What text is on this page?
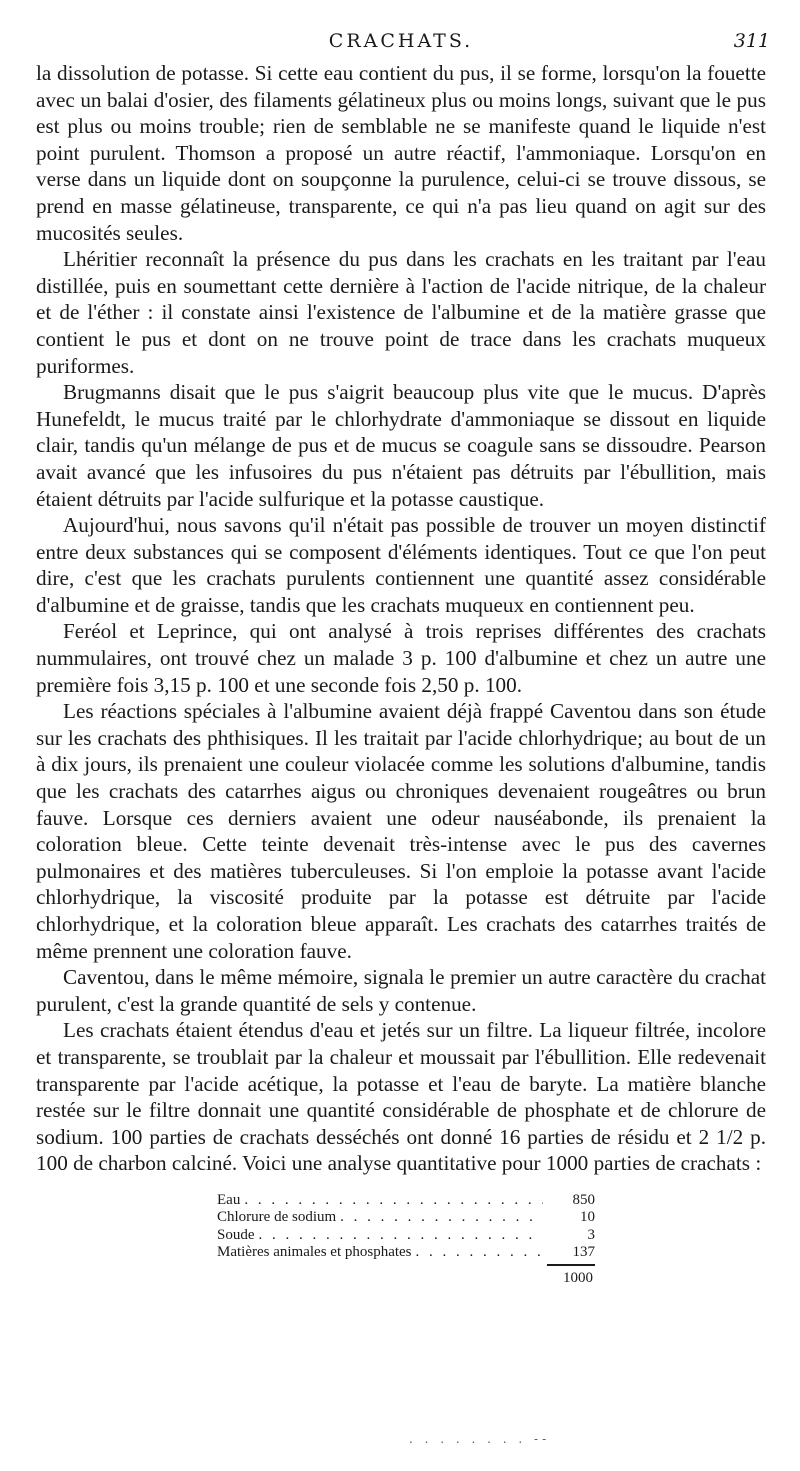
CRACHATS.	311

la dissolution de potasse. Si cette eau contient du pus, il se forme, lorsqu'on la fouette avec un balai d'osier, des filaments gélatineux plus ou moins longs, suivant que le pus est plus ou moins trouble; rien de semblable ne se manifeste quand le liquide n'est point purulent. Thomson a proposé un autre réactif, l'ammoniaque. Lorsqu'on en verse dans un liquide dont on soupçonne la purulence, celui-ci se trouve dissous, se prend en masse gélatineuse, transparente, ce qui n'a pas lieu quand on agit sur des mucosités seules.

Lhéritier reconnaît la présence du pus dans les crachats en les traitant par l'eau distillée, puis en soumettant cette dernière à l'action de l'acide nitrique, de la chaleur et de l'éther : il constate ainsi l'existence de l'albumine et de la matière grasse que contient le pus et dont on ne trouve point de trace dans les crachats muqueux puriformes.

Brugmanns disait que le pus s'aigrit beaucoup plus vite que le mucus. D'après Hunefeldt, le mucus traité par le chlorhydrate d'ammoniaque se dissout en liquide clair, tandis qu'un mélange de pus et de mucus se coagule sans se dissoudre. Pearson avait avancé que les infusoires du pus n'étaient pas détruits par l'ébullition, mais étaient détruits par l'acide sulfurique et la potasse caustique.

Aujourd'hui, nous savons qu'il n'était pas possible de trouver un moyen distinctif entre deux substances qui se composent d'éléments identiques. Tout ce que l'on peut dire, c'est que les crachats purulents contiennent une quantité assez considérable d'albumine et de graisse, tandis que les crachats muqueux en contiennent peu.

Feréol et Leprince, qui ont analysé à trois reprises différentes des crachats nummulaires, ont trouvé chez un malade 3 p. 100 d'albumine et chez un autre une première fois 3,15 p. 100 et une seconde fois 2,50 p. 100.

Les réactions spéciales à l'albumine avaient déjà frappé Caventou dans son étude sur les crachats des phthisiques. Il les traitait par l'acide chlorhydrique; au bout de un à dix jours, ils prenaient une couleur violacée comme les solutions d'albumine, tandis que les crachats des catarrhes aigus ou chroniques devenaient rougeâtres ou brun fauve. Lorsque ces derniers avaient une odeur nauséabonde, ils prenaient la coloration bleue. Cette teinte devenait très-intense avec le pus des cavernes pulmonaires et des matières tuberculeuses. Si l'on emploie la potasse avant l'acide chlorhydrique, la viscosité produite par la potasse est détruite par l'acide chlorhydrique, et la coloration bleue apparaît. Les crachats des catarrhes traités de même prennent une coloration fauve.

Caventou, dans le même mémoire, signala le premier un autre caractère du crachat purulent, c'est la grande quantité de sels y contenue.

Les crachats étaient étendus d'eau et jetés sur un filtre. La liqueur filtrée, incolore et transparente, se troublait par la chaleur et moussait par l'ébullition. Elle redevenait transparente par l'acide acétique, la potasse et l'eau de baryte. La matière blanche restée sur le filtre donnait une quantité considérable de phosphate et de chlorure de sodium. 100 parties de crachats desséchés ont donné 16 parties de résidu et 2 1/2 p. 100 de charbon calciné. Voici une analyse quantitative pour 1000 parties de crachats :

Eau . . .	850
Chlorure de sodium . . .	10
Soude . . .	3
Matières animales et phosphates . . .	137
1000
. . . . . . . . --
